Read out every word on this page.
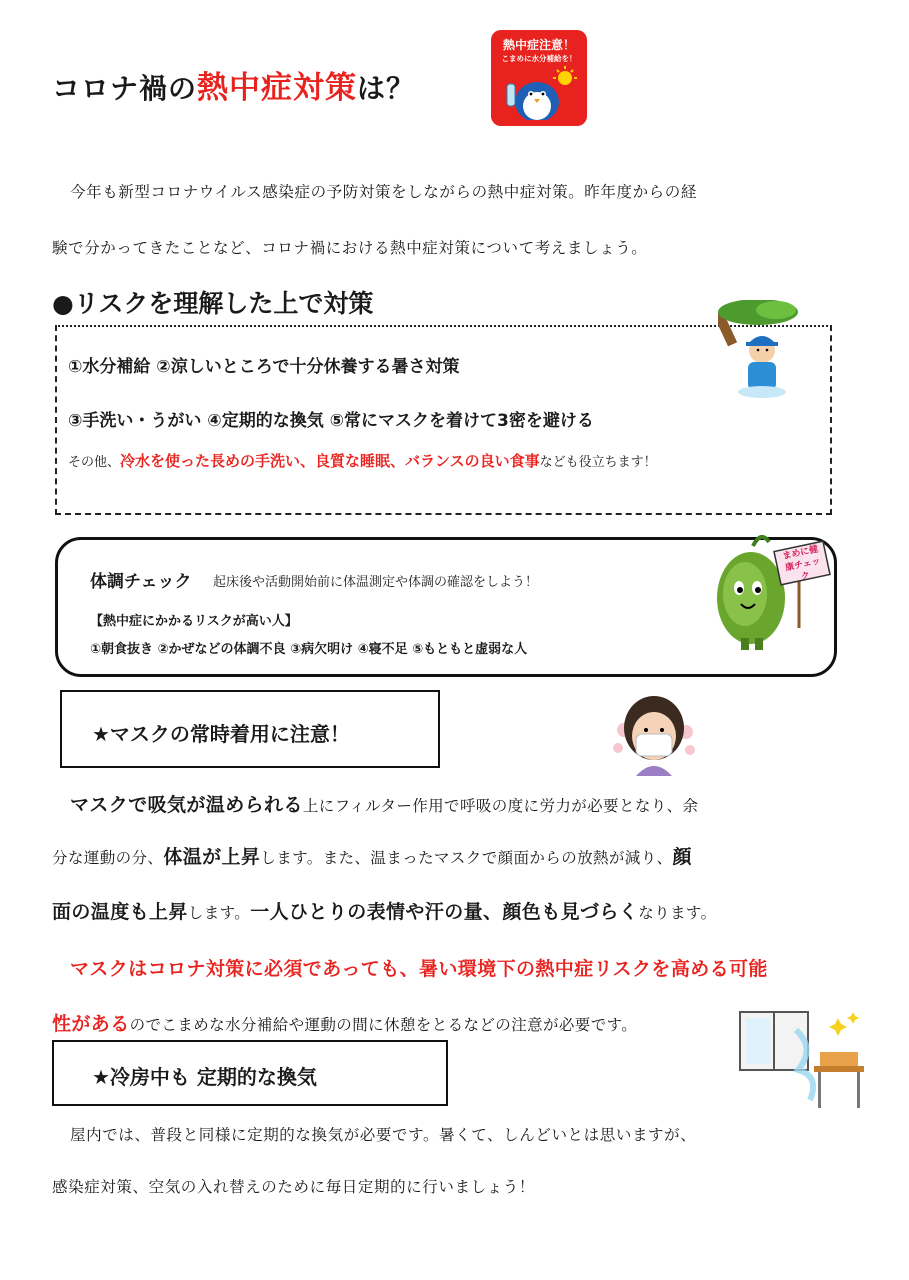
コロナ禍の熱中症対策は？
熱中症注意！
こまめに水分補給を！
今年も新型コロナウイルス感染症の予防対策をしながらの熱中症対策。昨年度からの経
験で分かってきたことなど、コロナ禍における熱中症対策について考えましょう。
●リスクを理解した上で対策
①水分補給 ②涼しいところで十分休養する暑さ対策
③手洗い・うがい ④定期的な換気 ⑤常にマスクを着けて3密を避ける
その他、冷水を使った長めの手洗い、良質な睡眠、バランスの良い食事なども役立ちます！
体調チェック 起床後や活動開始前に体温測定や体調の確認をしよう！
【熱中症にかかるリスクが高い人】
①朝食抜き ②かぜなどの体調不良 ③病欠明け ④寝不足 ⑤もともと虚弱な人
まめに健康チェック
★マスクの常時着用に注意！
マスクで吸気が温められる上にフィルター作用で呼吸の度に労力が必要となり、余
分な運動の分、体温が上昇します。また、温まったマスクで顔面からの放熱が減り、顔
面の温度も上昇します。一人ひとりの表情や汗の量、顔色も見づらくなります。
マスクはコロナ対策に必須であっても、暑い環境下の熱中症リスクを高める可能
性があるのでこまめな水分補給や運動の間に休憩をとるなどの注意が必要です。
★冷房中も 定期的な換気
屋内では、普段と同様に定期的な換気が必要です。暑くて、しんどいとは思いますが、
感染症対策、空気の入れ替えのために毎日定期的に行いましょう！
